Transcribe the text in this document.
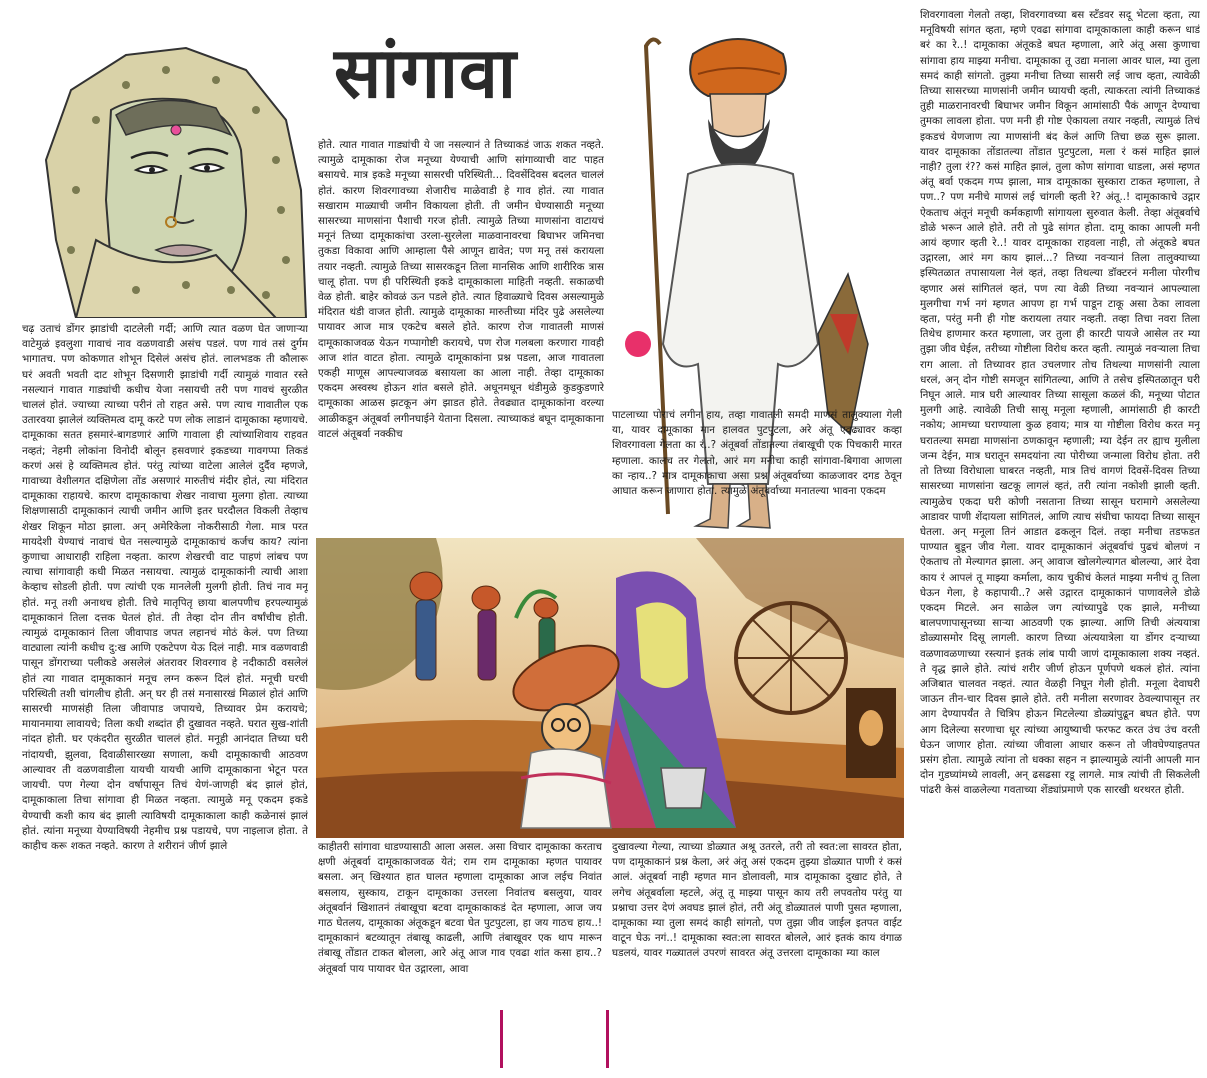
सांगावा
चढ़ उताचं डोंगर झाडांची दाटलेली गर्दी; आणि त्यात वळण घेत जाणाऱ्या वाटेमुळं इवलुशा गावाचं नाव वळणवाडी असंच पडलं. पण गावं तसं दुर्गम भागातच. पण कोकणात शोभून दिसेलं असंच होतं. लालभडक ती कौलारू घरं अवती भवती दाट शोभून दिसणारी झाडांची गर्दी त्यामुळं गावात रस्ते नसल्यानं गावात गाड्यांची कधीच येजा नसायची तरी पण गावचं सुरळीत चाललं होतं. ज्याच्या त्याच्या परीनं तो राहत असे. पण त्याच गावातील एक उतारवया झालेलं व्यक्तिमत्व दामू करटे पण लोक लाडानं दामूकाका म्हणायचे. दामूकाका सतत हसमारं-बागडणारं आणि गावाला ही त्यांच्याशिवाय राहवत नव्हतं; नेहमी लोकांना विनोदी बोलून हसवणारं इकडच्या गावगप्पा तिकडं करणं असं हे व्यक्तिमत्व होतं. परंतु त्यांच्या वाटेला आलेलं दुर्दैव म्हणजे, गावाच्या वेशीलगत दक्षिणेला तोंड असणारं मारुतीचं मंदीर होतं, त्या मंदिरात दामूकाका राहायचे. कारण दामूकाकाचा शेखर नावाचा मुलगा होता. त्याच्या शिक्षणासाठी दामूकाकानं त्याची जमीन आणि इतर घरदौलत विकली तेव्हाच शेखर शिकून मोठा झाला. अन् अमेरिकेला नोकरीसाठी गेला. मात्र परत मायदेशी येण्याचं नावाचं घेत नसल्यामुळे दामूकाकाचं कर्जच काय? त्यांना कुणाचा आधाराही राहिला नव्हता. कारण शेखरची वाट पाहणं लांबच पण त्याचा सांगावाही कधी मिळत नसायचा. त्यामुळं दामूकाकांनी त्याची आशा केव्हाच सोडली होती. पण त्यांची एक मानलेली मुलगी होती. तिचं नाव मनू होतं. मनू तशी अनाथच होती. तिचे मातृपितृ छाया बालपणीच हरपल्यामुळं दामूकाकानं तिला दत्तक घेतलं होतं. ती तेव्हा दोन तीन वर्षांचीच होती. त्यामुळं दामूकाकानं तिला जीवापाड जपत लहानचं मोठं केलं. पण तिच्या वाट्याला त्यांनी कधीच दु:ख आणि एकटेपण येऊ दिलं नाही. मात्र वळणवाडी पासून डोंगराच्या पलीकडे असलेलं अंतरावर शिवरगाव हे नदीकाठी वसलेलं होतं त्या गावात दामूकाकानं मनूच लग्न करून दिलं होतं. मनूची घरची परिस्थिती तशी चांगलीच होती. अन् घर ही तसं मनासारखं मिळालं होतं आणि सासरची माणसंही तिला जीवापाड जपायचे, तिच्यावर प्रेम करायचे; मायानमाया लावायचे; तिला कधी शब्दांत ही दुखावत नव्हते. घरात सुख-शांती नांदत होती. घर एकंदरीत सुरळीत चाललं होतं. मनूही आनंदात तिच्या घरी नांदायची, झुलवा, दिवाळीसारख्या सणाला, कधी दामूकाकाची आठवण आल्यावर ती वळणवाडीला यायची यायची आणि दामूकाकाना भेटून परत जायची. पण गेल्या दोन वर्षापासून तिचं येणं-जाणही बंद झालं होतं, दामूकाकाला तिचा सांगावा ही मिळत नव्हता. त्यामुळे मनू एकदम इकडे येण्याची कशी काय बंद झाली त्याविषयी दामूकाकाला काही कळेनासं झालं होतं. त्यांना मनूच्या येण्याविषयी नेहमीच प्रश्न पडायचे, पण नाइलाज होता. ते काहीच करू शकत नव्हते. कारण ते शरीरानं जीर्ण झाले
होते. त्यात गावात गाड्यांची ये जा नसल्यानं ते तिच्याकडं जाऊ शकत नव्हते. त्यामुळे दामूकाका रोज मनूच्या येण्याची आणि सांगाव्याची वाट पाहत बसायचे. मात्र इकडे मनूच्या सासरची परिस्थिती... दिवसेंदिवस बदलत चाललं होतं. कारण शिवरगावच्या शेजारीच माळेवाडी हे गाव होतं. त्या गावात सखाराम माळ्याची जमीन विकायला होती. ती जमीन घेण्यासाठी मनूच्या सासरच्या माणसांना पैशाची गरज होती. त्यामुळे तिच्या माणसांना वाटायचं मनूनं तिच्या दामूकाकांचा उरला-सुरलेला माळवानावरचा बिघाभर जमिनचा तुकडा विकावा आणि आम्हाला पैसे आणून द्यावेत; पण मनू तसं करायला तयार नव्हती. त्यामुळे तिच्या सासरकडून तिला मानसिक आणि शारीरिक त्रास चालू होता. पण ही परिस्थिती इकडे दामूकाकाला माहिती नव्हती. सकाळची वेळ होती. बाहेर कोवळं ऊन पडले होते. त्यात हिवाळ्याचे दिवस असल्यामुळे मंदिरात थंडी वाजत होती. त्यामुळे दामूकाका मारुतीच्या मंदिर पुढे असलेल्या पायावर आज मात्र एकटेच बसले होते. कारण रोज गावातली माणसं दामूकाकाजवळ येऊन गप्पागोष्टी करायचे, पण रोज गलबला करणारा गावही आज शांत वाटत होता. त्यामुळे दामूकाकांना प्रश्न पडला, आज गावातला एकही माणूस आपल्याजवळ बसायला का आला नाही. तेव्हा दामूकाका एकदम अस्वस्थ होऊन शांत बसले होते. अधूनमधून थंडीमुळे कुडकुडणारे दामूकाका आळस झटकून अंग झाडत होते. तेवढ्यात दामूकाकांना वरल्या आळीकडून अंतूबर्वा लगीनघाईने येताना दिसला. त्याच्याकडं बघून दामूकाकाना वाटलं अंतूबर्वा नक्कीच
पाटलाच्या पोराचं लगीन हाय, तव्हा गावातली समदी माणसं तालुक्याला गेली या, यावर दामूकाका मान हालवत पुटपुटला, अरे अंतू एवढ्यावर कव्हा शिवरगावला गेलता का रं..? अंतूबर्वा तोंडातल्या तंबाखूची एक पिचकारी मारत म्हणाला. कालच तर गेलतो, आरं मग मनीचा काही सांगावा-बिगावा आणला का न्हाय..? मात्र दामूकाकाचा असा प्रश्न अंतूबर्वाच्या काळजावर दगड ठेवून आघात करून जाणारा होता. त्यामुळे अंतूबर्वाच्या मनातल्या भावना एकदम
शिवरगावला गेलतो तव्हा, शिवरगावच्या बस स्टँडवर सदू भेटला व्हता, त्या मनूविषयी सांगत व्हता, म्हणे एवढा सांगावा दामूकाकाला काही करून धाडं बरं का रे..! दामूकाका अंतूकडे बघत म्हणाला, आरे अंतू असा कुणाचा सांगावा हाय माझ्या मनीचा. दामूकाका तू उद्या मनाला आवर घाल, म्या तुला समदं काही सांगतो. तुझ्या मनीचा तिच्या सासरी लई जाच व्हता, त्यावेळी तिच्या सासरच्या माणसांनी जमीन घ्यायची व्हती, त्याकरता त्यांनी तिच्याकडं तुही माळरानावरची बिघाभर जमीन विकून आमांसाठी पैकं आणून देण्याचा तुमका लावला होता. पण मनी ही गोष्ट ऐकायला तयार नव्हती, त्यामुळं तिचं इकडचं येणजाण त्या माणसांनी बंद केलं आणि तिचा छळ सुरू झाला. यावर दामूकाका तोंडातल्या तोंडात पुटपुटला, मला रं कसं माहित झालं नाही? तुला रं?? कसं माहित झालं, तुला कोण सांगावा धाडला, असं म्हणत अंतू बर्वा एकदम गप्प झाला, मात्र दामूकाका सुस्कारा टाकत म्हणाला, ते पण..? पण मनीचे माणसं लई चांगली व्हती रे? अंतू..! दामूकाकाचे उद्गार ऐकताच अंतूनं मनूची कर्मकहाणी सांगायला सुरुवात केली. तेव्हा अंतूबर्वाचे डोळे भरून आले होते. तरी तो पुढे सांगत होता. दामू काका आपली मनी आयं व्हणार व्हती रे..! यावर दामूकाका राहवला नाही, तो अंतूकडे बघत उद्गारला, आरं मग काय झालं...? तिच्या नवऱ्यानं तिला तालुक्याच्या इस्पितळात तपासायला नेलं व्हतं, तव्हा तिथल्या डॉक्टरनं मनीला पोरगीच व्हणार असं सांगितलं व्हतं, पण त्या वेळी तिच्या नवऱ्यानं आपल्याला मुलगीचा गर्भ नगं म्हणत आपण हा गर्भ पाडून टाकू असा ठेका लावला व्हता, परंतु मनी ही गोष्ट करायला तयार नव्हती. तव्हा तिचा नवरा तिला तिथेच हाणमार करत म्हणाला, जर तुला ही कारटी पायजे आसेल तर म्या तुझा जीव घेईल, तरीच्या गोष्टीला विरोध करत व्हती. त्यामुळं नवऱ्याला तिचा राग आला. तो तिच्यावर हात उचलणार तोच तिथल्या माणसांनी त्याला धरलं, अन् दोन गोष्टी समजून सांगितल्या, आणि ते तसेच इस्पितळातून घरी निघून आले. मात्र घरी आल्यावर तिच्या सासूला कळलं की, मनूच्या पोटात मुलगी आहे. त्यावेळी तिची सासू मनूला म्हणाली, आमांसाठी ही कारटी नकोय; आमच्या घराण्याला कुळ हवाय; मात्र या गोष्टीला विरोध करत मनू घरातल्या समद्या माणसांना ठणकावून म्हणाली; म्या देईन तर ह्याच मुलीला जन्म देईन, मात्र घरातून समदयांना त्या पोरीच्या जन्माला विरोध होता. तरी तो तिच्या विरोधाला घाबरत नव्हती, मात्र तिचं वागणं दिवसें-दिवस तिच्या सासरच्या माणसांना खटकू लागलं व्हतं, तरी त्यांना नकोशी झाली व्हती. त्यामुळेच एकदा घरी कोणी नसताना तिच्या सासून घरामागे असलेल्या आडावर पाणी शेंदायला सांगितलं, आणि त्याच संधीचा फायदा तिच्या सासून घेतला. अन् मनूला तिनं आडात ढकलून दिलं. तव्हा मनीचा तडफडत पाण्यात बुडून जीव गेला. यावर दामूकाकानं अंतूबर्वाचं पुढचं बोलणं न ऐकताच तो मेल्यागत झाला. अन् आवाज खोलगेल्यागत बोलल्या, आरं देवा काय रं आपलं तू माझ्या कर्माला, काय चुकीचं केलतं माझ्या मनीचं तू तिला घेऊन गेला, हे कहापायी..? असे उद्गारत दामूकाकानं पाणावलेले डोळे एकदम मिटले. अन साळेल जग त्यांच्यापुढे एक झाले, मनीच्या बालपणापासूनच्या साऱ्या आठवणी एक झाल्या. आणि तिची अंत्ययात्रा डोळ्यासमोर दिसू लागली. कारण तिच्या अंत्ययात्रेला या डोंगर दऱ्याच्या वळणावळणाच्या रस्त्यानं इतकं लांब पायी जाणं दामूकाकाला शक्य नव्हतं. ते वृद्ध झाले होते. त्यांचं शरीर जीर्ण होऊन पूर्णपणे थकलं होतं. त्यांना अजिबात चालवत नव्हतं. त्यात वेळही निघून गेली होती. मनूला देवाघरी जाऊन तीन-चार दिवस झाले होते. तरी मनीला सरणावर ठेवल्यापासून तर आग देण्यापर्यंत ते चित्रिप होऊन मिटलेल्या डोळ्यांपुढून बघत होते. पण आग दिलेल्या सरणाचा धूर त्यांच्या आयुष्याची फरफट करत उंच उंच वरती घेऊन जाणार होता. त्यांच्या जीवाला आधार करून तो जीवघेण्याइतपत प्रसंग होता. त्यामुळे त्यांना तो धक्का सहन न झाल्यामुळे त्यांनी आपली मान दोन गुडघ्यांमध्ये लावली, अन् ढसढसा रडू लागले. मात्र त्यांची ती सिकलेली पांढरी केसं वाळलेल्या गवताच्या शेंड्यांप्रमाणे एक सारखी थरथरत होती.
काहीतरी सांगावा धाडण्यासाठी आला असल. असा विचार दामूकाका करताच क्षणी अंतूबर्वा दामूकाकाजवळ येतं; राम राम दामूकाका म्हणत पायावर बसला. अन् खिश्यात हात घालत म्हणाला दामूकाका आज लईच निवांत बसलाय, सुस्काय, टाकून दामूकाका उत्तरला निवांतच बसलुया, यावर अंतूबर्वानं खिशातनं तंबाखूचा बटवा दामूकाकाकडं देत म्हणाला, आज जय गाठ घेतलय, दामूकाका अंतूकडून बटवा घेत पुटपुटला, हा जय गाठच हाय..! दामूकाकानं बटव्यातून तंबाखू काढली, आणि तंबाखूवर एक थाप मारून तंबाखू तोंडात टाकत बोलला, आरे अंतू आज गाव एवढा शांत कसा हाय..? अंतूबर्वा पाय पायावर घेत उद्गारला, आवा
दुखावल्या गेल्या, त्याच्या डोळ्यात अश्रू उतरले, तरी तो स्वत:ला सावरत होता, पण दामूकाकानं प्रश्न केला, अरं अंतू असं एकदम तुझ्या डोळ्यात पाणी रं कसं आलं. अंतूबर्वा नाही म्हणत मान डोलावली, मात्र दामूकाका दुखाट होते, ते लगेच अंतूबर्वाला म्हटले, अंतू तू माझ्या पासून काय तरी लपवतोय परंतु या प्रश्नाचा उत्तर देणं अवघड झालं होतं, तरी अंतू डोळ्यातलं पाणी पुसत म्हणाला, दामूकाका म्या तुला समदं काही सांगतो, पण तुझा जीव जाईल इतपत वाईट वाटून घेऊ नगं..! दामूकाका स्वत:ला सावरत बोलले, आरं इतकं काय वंगाळ घडलयं, यावर गळ्यातलं उपरणं सावरत अंतू उत्तरला दामूकाका म्या काल
